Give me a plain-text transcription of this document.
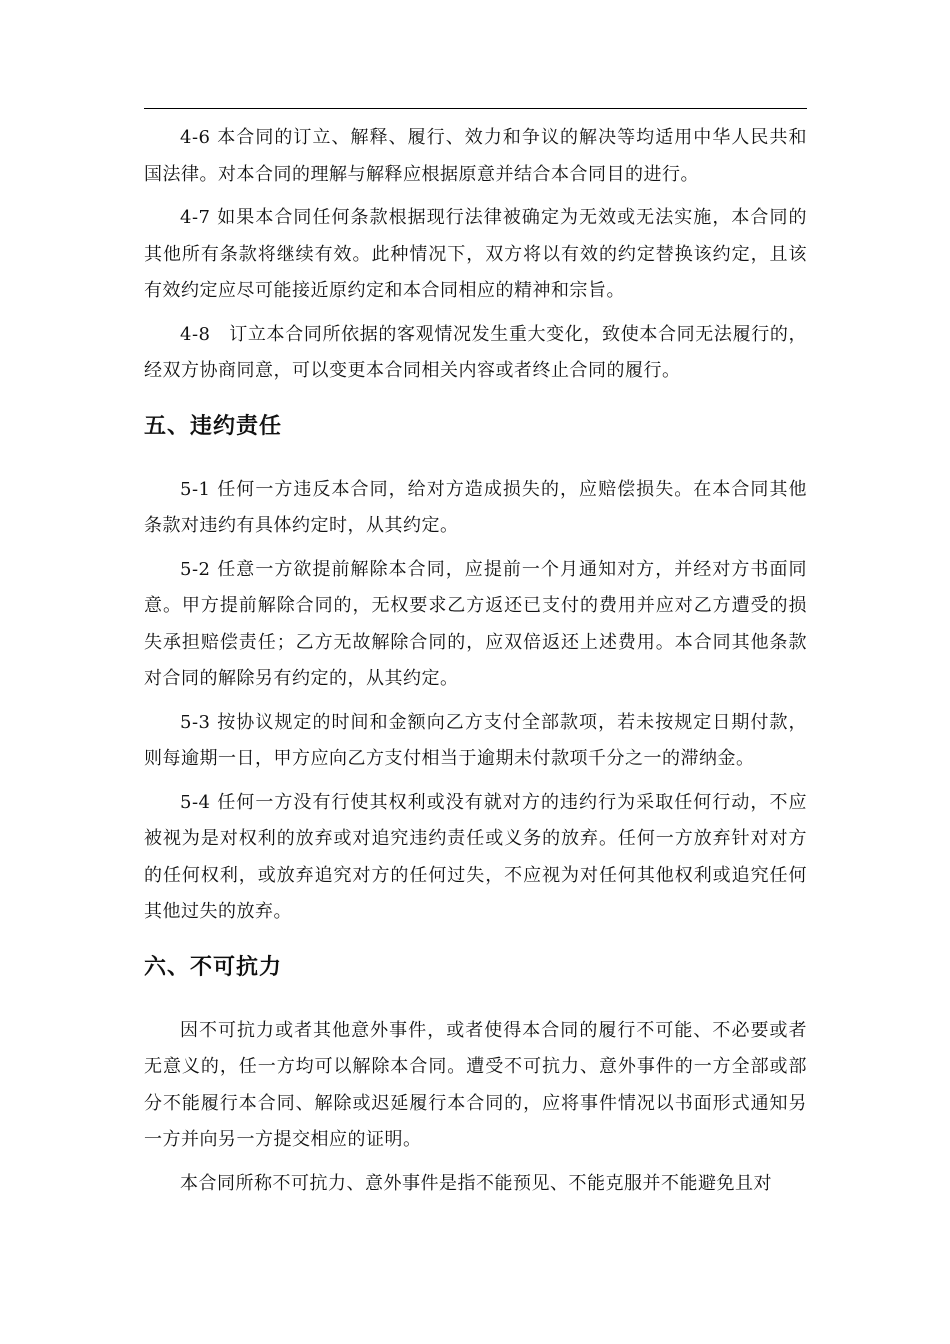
4-6 本合同的订立、解释、履行、效力和争议的解决等均适用中华人民共和国法律。对本合同的理解与解释应根据原意并结合本合同目的进行。

4-7 如果本合同任何条款根据现行法律被确定为无效或无法实施，本合同的其他所有条款将继续有效。此种情况下，双方将以有效的约定替换该约定，且该有效约定应尽可能接近原约定和本合同相应的精神和宗旨。

4-8　订立本合同所依据的客观情况发生重大变化，致使本合同无法履行的，经双方协商同意，可以变更本合同相关内容或者终止合同的履行。

五、违约责任

5-1 任何一方违反本合同，给对方造成损失的，应赔偿损失。在本合同其他条款对违约有具体约定时，从其约定。

5-2 任意一方欲提前解除本合同，应提前一个月通知对方，并经对方书面同意。甲方提前解除合同的，无权要求乙方返还已支付的费用并应对乙方遭受的损失承担赔偿责任；乙方无故解除合同的，应双倍返还上述费用。本合同其他条款对合同的解除另有约定的，从其约定。

5-3 按协议规定的时间和金额向乙方支付全部款项，若未按规定日期付款，则每逾期一日，甲方应向乙方支付相当于逾期未付款项千分之一的滞纳金。

5-4 任何一方没有行使其权利或没有就对方的违约行为采取任何行动，不应被视为是对权利的放弃或对追究违约责任或义务的放弃。任何一方放弃针对对方的任何权利，或放弃追究对方的任何过失，不应视为对任何其他权利或追究任何其他过失的放弃。

六、不可抗力

因不可抗力或者其他意外事件，或者使得本合同的履行不可能、不必要或者无意义的，任一方均可以解除本合同。遭受不可抗力、意外事件的一方全部或部分不能履行本合同、解除或迟延履行本合同的，应将事件情况以书面形式通知另一方并向另一方提交相应的证明。

本合同所称不可抗力、意外事件是指不能预见、不能克服并不能避免且对
